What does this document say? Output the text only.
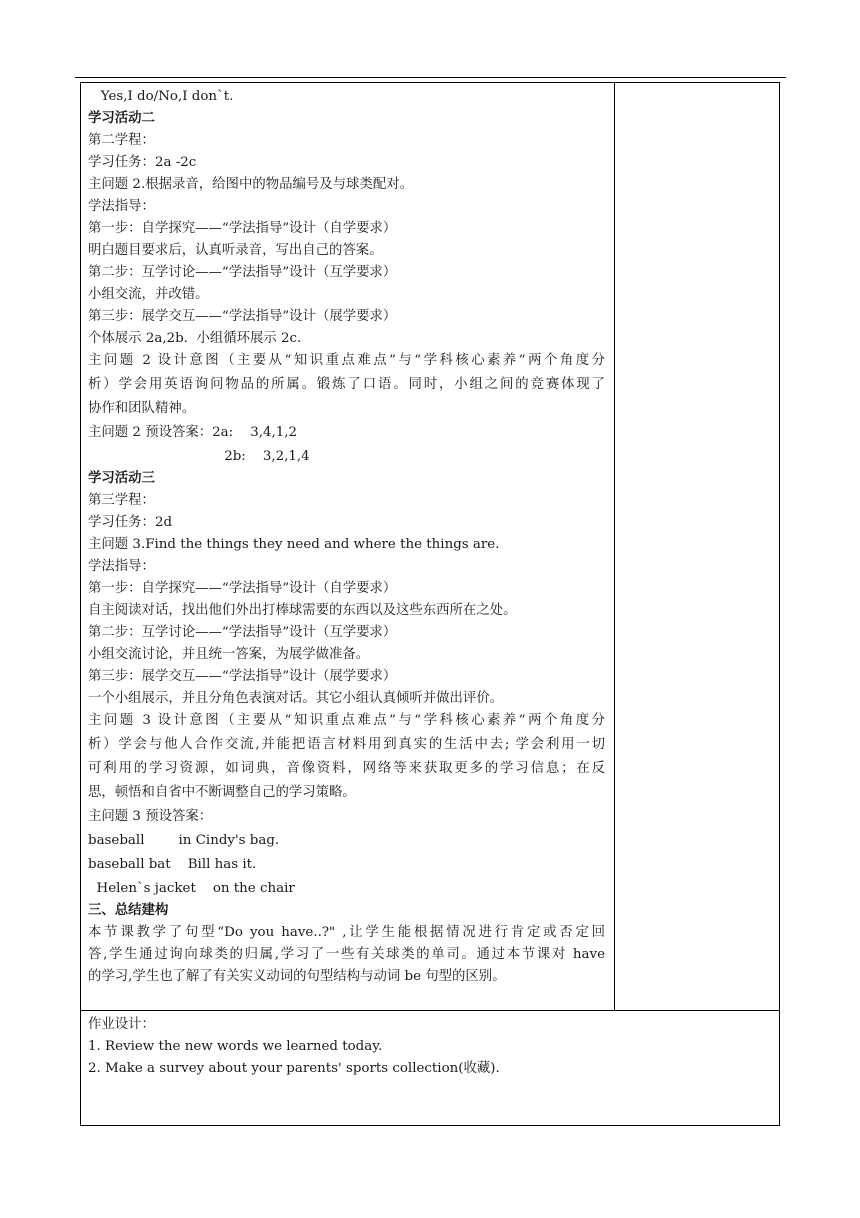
Yes,I do/No,I don`t.
学习活动二
第二学程：
学习任务：2a -2c
主问题 2.根据录音，给图中的物品编号及与球类配对。
学法指导：
第一步：自学探究——“学法指导”设计（自学要求）
明白题目要求后，认真听录音，写出自己的答案。
第二步：互学讨论——“学法指导”设计（互学要求）
小组交流，并改错。
第三步：展学交互——“学法指导”设计（展学要求）
个体展示 2a,2b.  小组循环展示 2c.
主问题 2 设计意图（主要从“知识重点难点”与“学科核心素养”两个角度分
析）学会用英语询问物品的所属。锻炼了口语。同时，小组之间的竞赛体现了
协作和团队精神。
主问题 2 预设答案：2a:    3,4,1,2
2b:    3,2,1,4
学习活动三
第三学程：
学习任务：2d
主问题 3.Find the things they need and where the things are.
学法指导：
第一步：自学探究——“学法指导”设计（自学要求）
自主阅读对话，找出他们外出打棒球需要的东西以及这些东西所在之处。
第二步：互学讨论——“学法指导”设计（互学要求）
小组交流讨论，并且统一答案，为展学做准备。
第三步：展学交互——“学法指导”设计（展学要求）
一个小组展示，并且分角色表演对话。其它小组认真倾听并做出评价。
主问题 3 设计意图（主要从“知识重点难点”与“学科核心素养”两个角度分
析）学会与他人合作交流,并能把语言材料用到真实的生活中去; 学会利用一切
可利用的学习资源，如词典，音像资料，网络等来获取更多的学习信息；在反
思，顿悟和自省中不断调整自己的学习策略。
主问题 3 预设答案：
baseball        in Cindy's bag.
baseball bat    Bill has it.
Helen`s jacket    on the chair
三、总结建构
本节课教学了句型“Do you have..?" ,让学生能根据情况进行肯定或否定回
答,学生通过询向球类的归属,学习了一些有关球类的单司。通过本节课对 have
的学习,学生也了解了有关实义动词的句型结构与动词 be 句型的区别。
作业设计：
1. Review the new words we learned today.
2. Make a survey about your parents' sports collection(收藏).
